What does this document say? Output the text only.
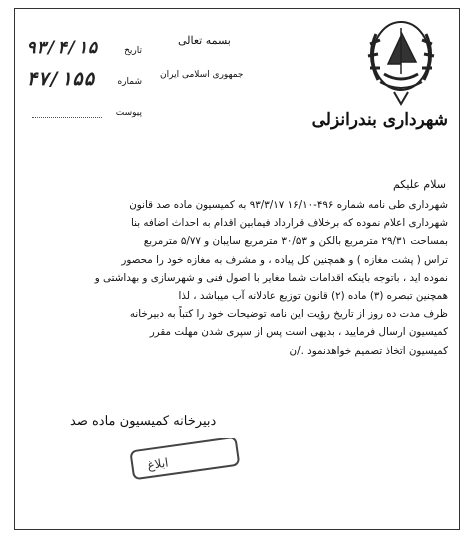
شهرداری بندرانزلی
بسمه تعالی
جمهوری اسلامی ایران
تاریخ
۹۳/۴/۱۵
شماره
۴۷/۱۵۵
پیوست
سلام علیکم

شهرداری طی نامه شماره ۴۹۶-۱۶/۱۰ ۹۳/۳/۱۷ به کمیسیون ماده صد قانون

شهرداری اعلام نموده که برخلاف قرارداد فیمابین اقدام به احداث اضافه بنا

بمساحت ۲۹/۳۱ مترمربع بالکن و ۳۰/۵۳ مترمربع سایبان و ۵/۷۷ مترمربع

تراس ( پشت مغازه ) و همچنین کل پیاده ، و مشرف به مغازه خود را محصور

نموده اید ، باتوجه باینکه اقدامات شما مغایر با اصول فنی و شهرسازی و بهداشتی و

همچنین تبصره (۳) ماده (۲) قانون توزیع عادلانه آب میباشد ، لذا

ظرف مدت ده روز از تاریخ رؤیت این نامه توضیحات خود را کتباً به دبیرخانه

کمیسیون ارسال فرمایید ، بدیهی است پس از سپری شدن مهلت مقرر

کمیسیون اتخاذ تصمیم خواهدنمود ./ن

دبیرخانه کمیسیون ماده صد
ابلاغ
